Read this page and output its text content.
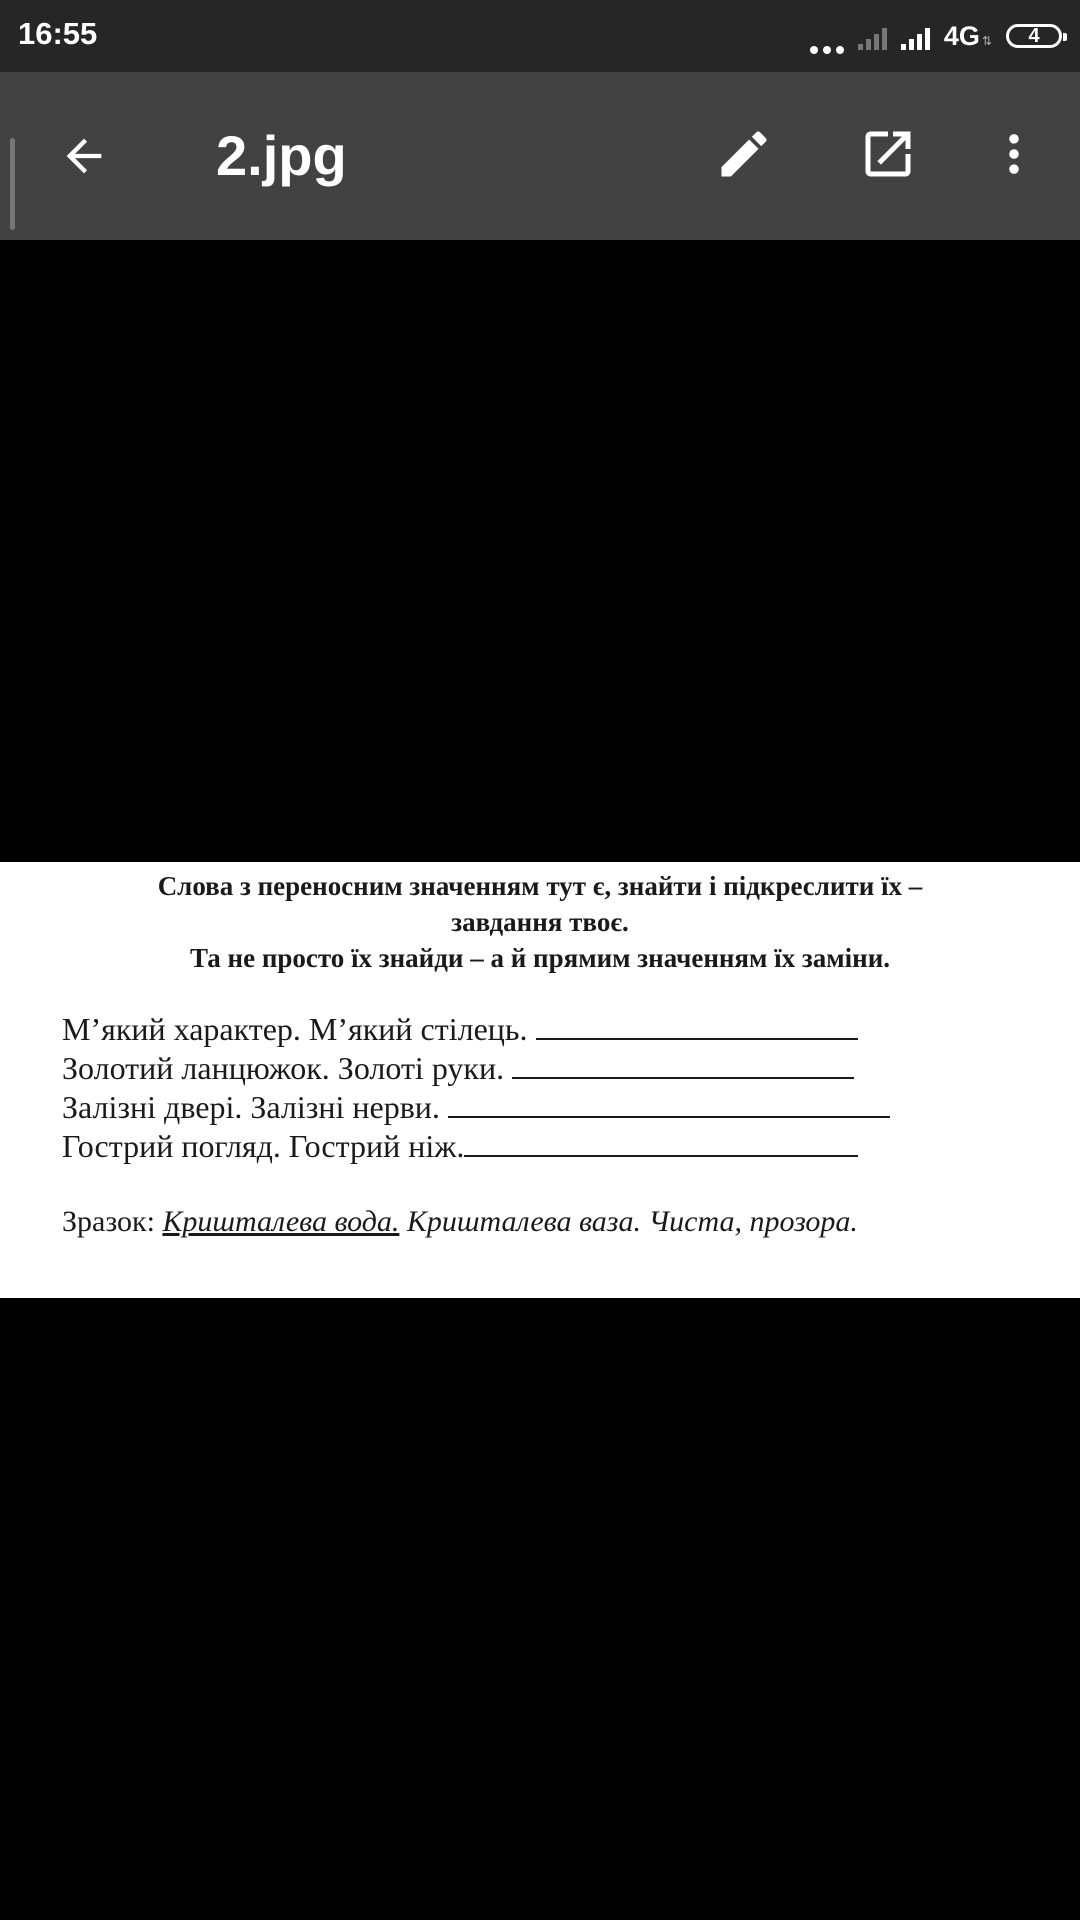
16:55	4G ⇅ 4
2.jpg
Слова з переносним значенням тут є, знайти і підкреслити їх –
завдання твоє.
Та не просто їх знайди – а й прямим значенням їх заміни.
М’який характер. М’який стілець.
Золотий ланцюжок. Золоті руки.
Залізні двері. Залізні нерви.
Гострий погляд. Гострий ніж.
Зразок: Кришталева вода. Кришталева ваза. Чиста, прозора.
